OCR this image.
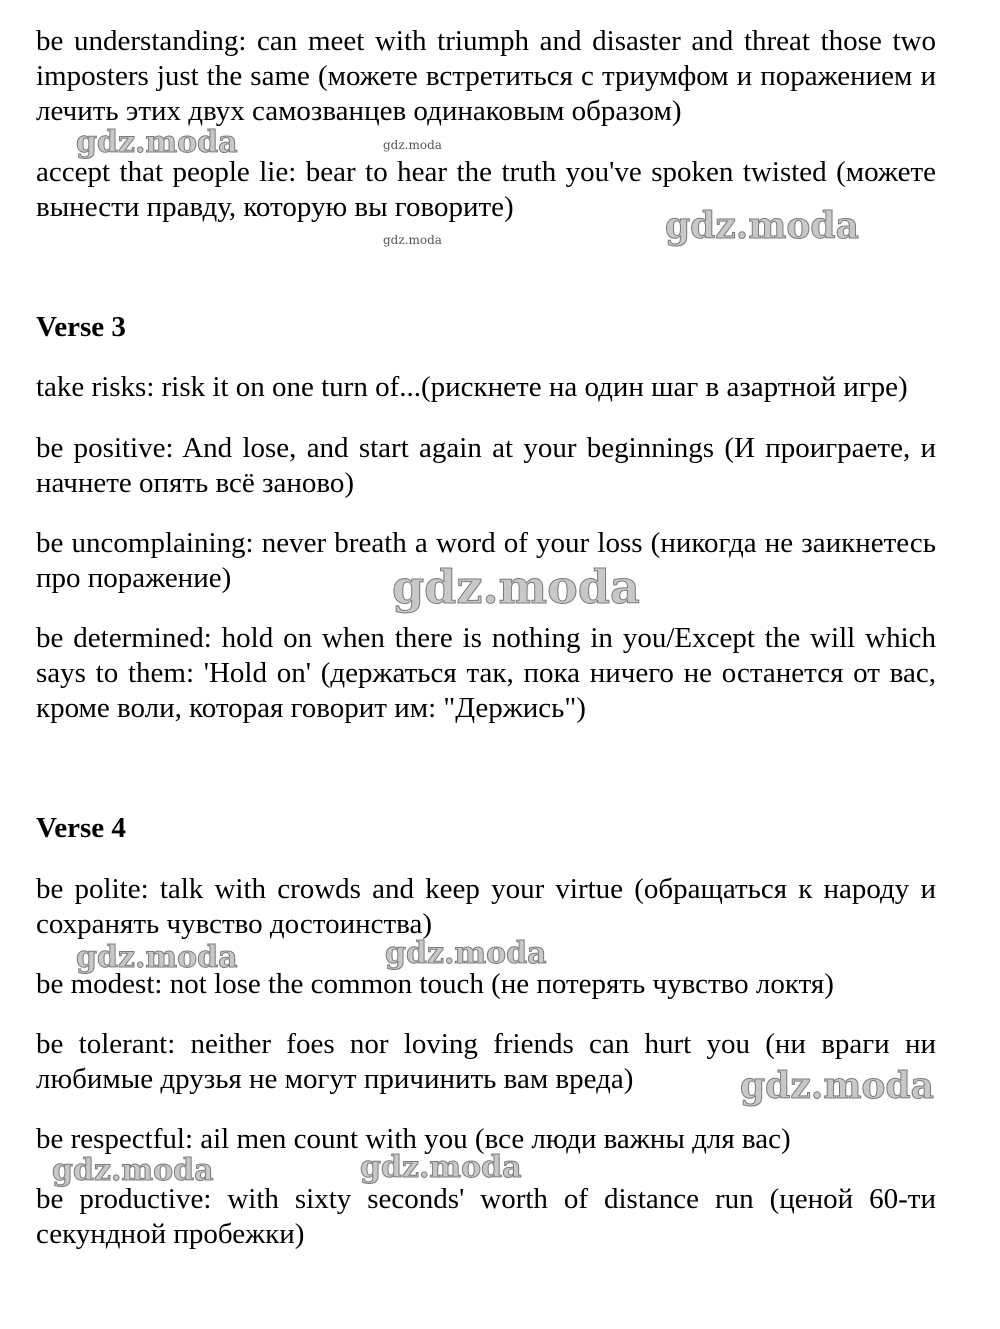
be understanding: can meet with triumph and disaster and threat those two imposters just the same (можете встретиться с триумфом и поражением и лечить этих двух самозванцев одинаковым образом)

accept that people lie: bear to hear the truth you've spoken twisted (можете вынести правду, которую вы говорите)

Verse 3

take risks: risk it on one turn of...(рискнете на один шаг в азартной игре)

be positive: And lose, and start again at your beginnings (И проиграете, и начнете опять всё заново)

be uncomplaining: never breath a word of your loss (никогда не заикнетесь про поражение)

be determined: hold on when there is nothing in you/Except the will which says to them: 'Hold on' (держаться так, пока ничего не останется от вас, кроме воли, которая говорит им: "Держись")

Verse 4

be polite: talk with crowds and keep your virtue (обращаться к народу и сохранять чувство достоинства)

be modest: not lose the common touch (не потерять чувство локтя)

be tolerant: neither foes nor loving friends can hurt you (ни враги ни любимые друзья не могут причинить вам вреда)

be respectful: ail men count with you (все люди важны для вас)

be productive: with sixty seconds' worth of distance run (ценой 60-ти секундной пробежки)

gdz.moda	gdz.moda
gdz.moda
gdz.moda
gdz.moda
gdz.moda	gdz.moda
gdz.moda
gdz.moda	gdz.moda
